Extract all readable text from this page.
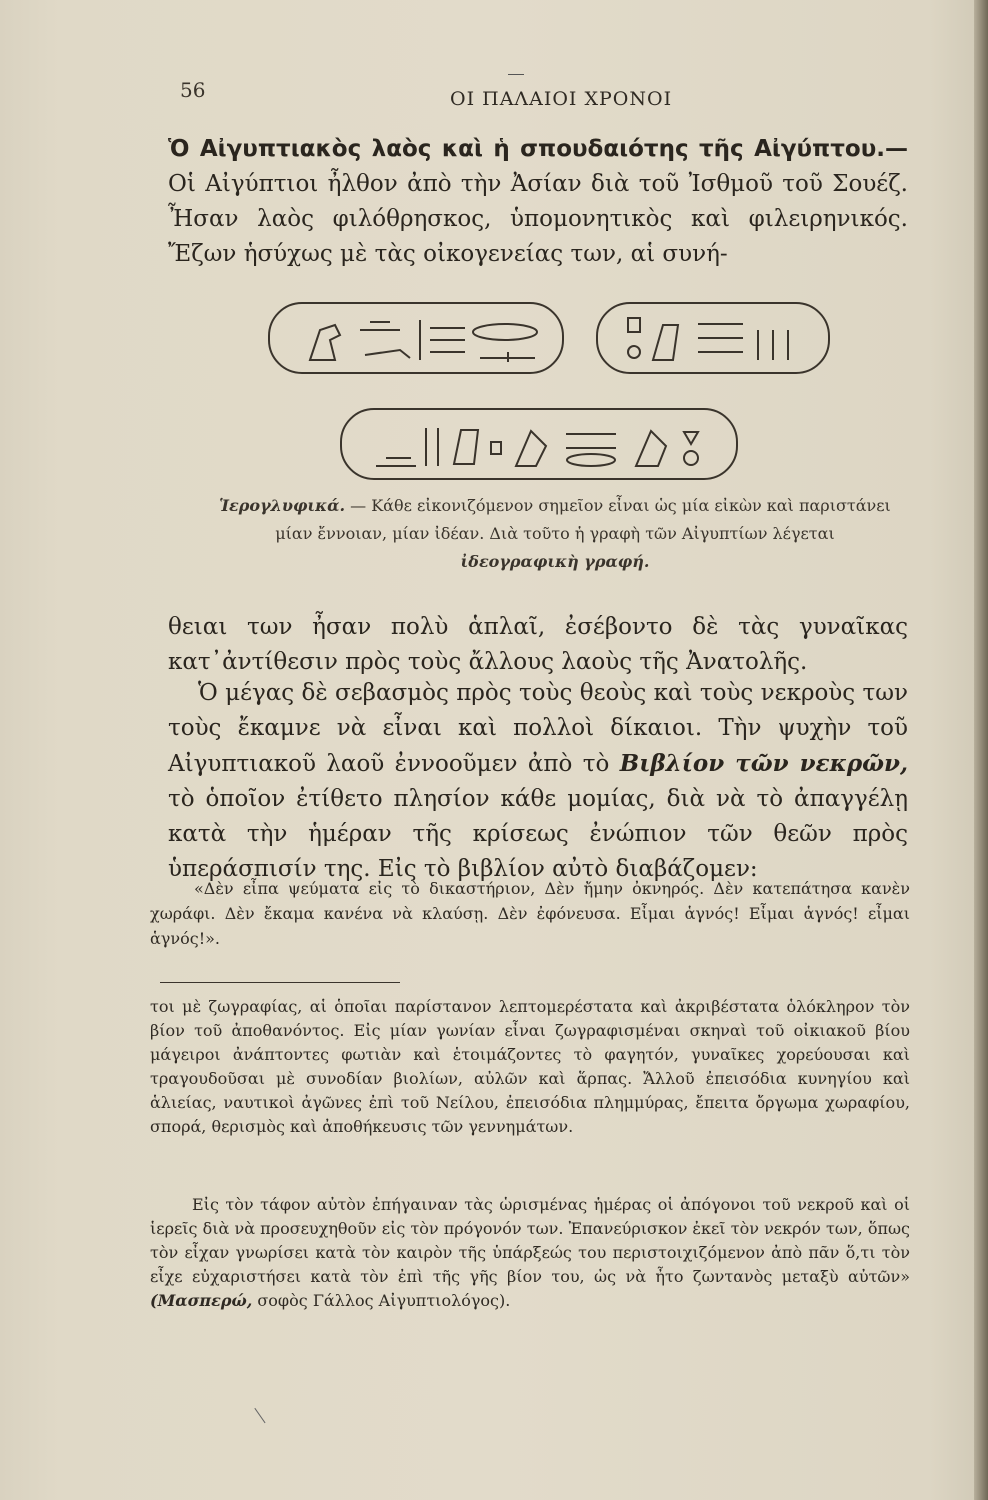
56	ΟΙ ΠΑΛΑΙΟΙ ΧΡΟΝΟΙ
Ὁ Αἰγυπτιακὸς λαὸς καὶ ἡ σπουδαιότης τῆς Αἰγύπτου.—Οἱ Αἰγύπτιοι ἦλθον ἀπὸ τὴν Ἀσίαν διὰ τοῦ Ἰσθμοῦ τοῦ Σουέζ. Ἦσαν λαὸς φιλόθρησκος, ὑπομονητικὸς καὶ φιλειρηνικός. Ἔζων ἡσύχως μὲ τὰς οἰκογενείας των, αἱ συνή-
Ἱερογλυφικά. — Κάθε εἰκονιζόμενον σημεῖον εἶναι ὡς μία εἰκὼν καὶ παριστάνει μίαν ἔννοιαν, μίαν ἰδέαν. Διὰ τοῦτο ἡ γραφὴ τῶν Αἰγυπτίων λέγεται ἰδεογραφικὴ γραφή.
θειαι των ἦσαν πολὺ ἁπλαῖ, ἐσέβοντο δὲ τὰς γυναῖκας κατ᾽ἀντίθεσιν πρὸς τοὺς ἄλλους λαοὺς τῆς Ἀνατολῆς.
Ὁ μέγας δὲ σεβασμὸς πρὸς τοὺς θεοὺς καὶ τοὺς νεκροὺς των τοὺς ἔκαμνε νὰ εἶναι καὶ πολλοὶ δίκαιοι. Τὴν ψυχὴν τοῦ Αἰγυπτιακοῦ λαοῦ ἐννοοῦμεν ἀπὸ τὸ Βιβλίον τῶν νεκρῶν, τὸ ὁποῖον ἐτίθετο πλησίον κάθε μομίας, διὰ νὰ τὸ ἀπαγγέλῃ κατὰ τὴν ἡμέραν τῆς κρίσεως ἐνώπιον τῶν θεῶν πρὸς ὑπεράσπισίν της. Εἰς τὸ βιβλίον αὐτὸ διαβάζομεν:
«Δὲν εἶπα ψεύματα εἰς τὸ δικαστήριον, Δὲν ἤμην ὀκνηρός. Δὲν κατεπάτησα κανὲν χωράφι. Δὲν ἔκαμα κανένα νὰ κλαύσῃ. Δὲν ἐφόνευσα. Εἶμαι ἁγνός! Εἶμαι ἁγνός! εἶμαι ἁγνός!».
τοι μὲ ζωγραφίας, αἱ ὁποῖαι παρίστανον λεπτομερέστατα καὶ ἀκριβέστατα ὁλόκληρον τὸν βίον τοῦ ἀποθανόντος. Εἰς μίαν γωνίαν εἶναι ζωγραφισμέναι σκηναὶ τοῦ οἰκιακοῦ βίου μάγειροι ἀνάπτοντες φωτιὰν καὶ ἑτοιμάζοντες τὸ φαγητόν, γυναῖκες χορεύουσαι καὶ τραγουδοῦσαι μὲ συνοδίαν βιολίων, αὐλῶν καὶ ἅρπας. Ἄλλοῦ ἐπεισόδια κυνηγίου καὶ ἁλιείας, ναυτικοὶ ἀγῶνες ἐπὶ τοῦ Νείλου, ἐπεισόδια πλημμύρας, ἔπειτα ὄργωμα χωραφίου, σπορά, θερισμὸς καὶ ἀποθήκευσις τῶν γεννημάτων.
Εἰς τὸν τάφον αὐτὸν ἐπήγαιναν τὰς ὡρισμένας ἡμέρας οἱ ἀπόγονοι τοῦ νεκροῦ καὶ οἱ ἱερεῖς διὰ νὰ προσευχηθοῦν εἰς τὸν πρόγονόν των. Ἐπανεύρισκον ἐκεῖ τὸν νεκρόν των, ὅπως τὸν εἶχαν γνωρίσει κατὰ τὸν καιρὸν τῆς ὑπάρξεώς του περιστοιχιζόμενον ἀπὸ πᾶν ὅ,τι τὸν εἶχε εὐχαριστήσει κατὰ τὸν ἐπὶ τῆς γῆς βίον του, ὡς νὰ ἦτο ζωντανὸς μεταξὺ αὐτῶν» (Μασπερώ, σοφὸς Γάλλος Αἰγυπτιολόγος).
